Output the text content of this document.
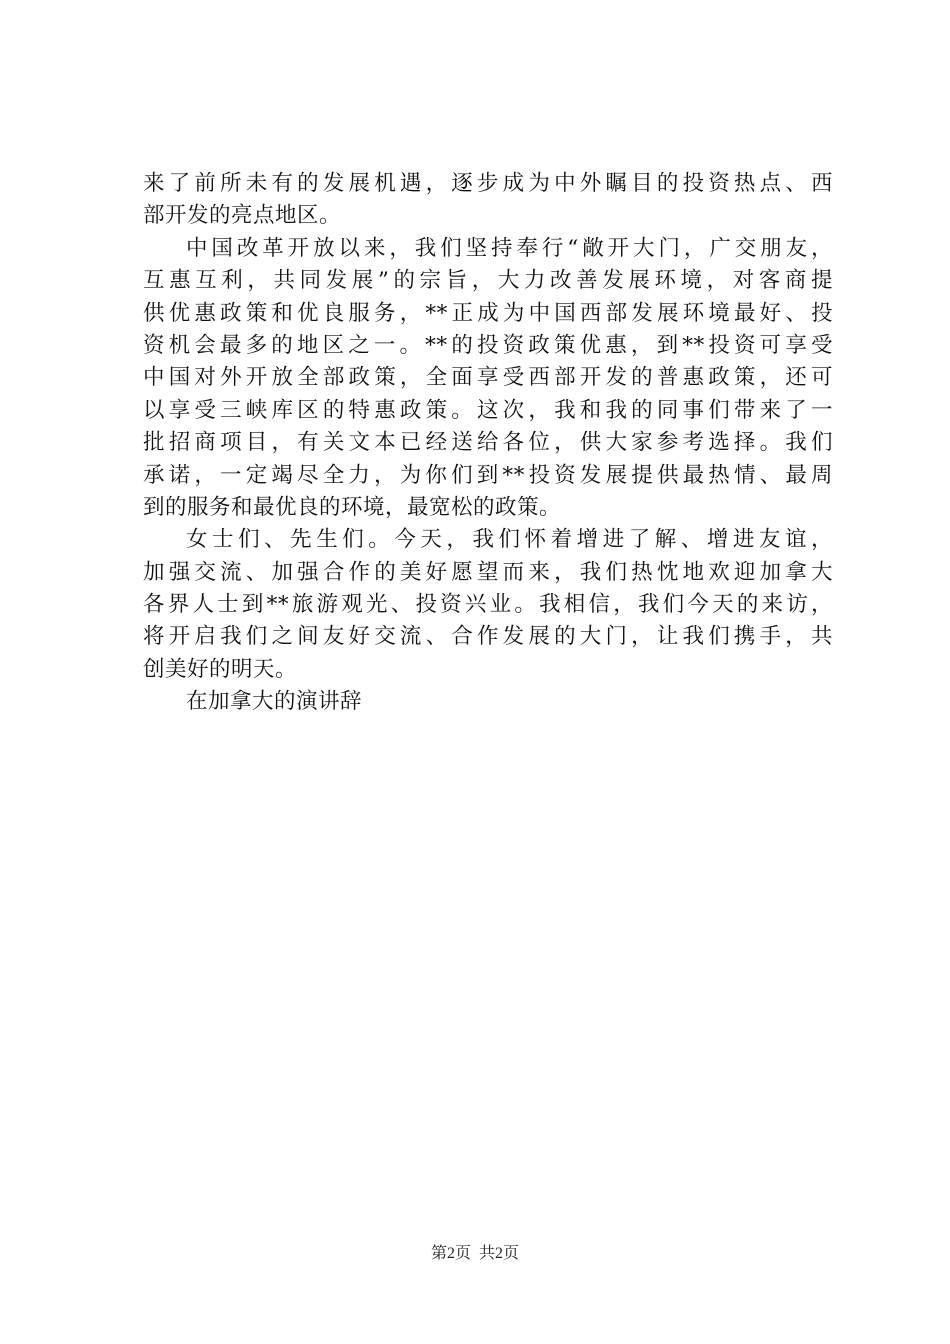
来了前所未有的发展机遇，逐步成为中外瞩目的投资热点、西
部开发的亮点地区。
中国改革开放以来，我们坚持奉行“敞开大门，广交朋友，
互惠互利，共同发展”的宗旨，大力改善发展环境，对客商提
供优惠政策和优良服务，**正成为中国西部发展环境最好、投
资机会最多的地区之一。**的投资政策优惠，到**投资可享受
中国对外开放全部政策，全面享受西部开发的普惠政策，还可
以享受三峡库区的特惠政策。这次，我和我的同事们带来了一
批招商项目，有关文本已经送给各位，供大家参考选择。我们
承诺，一定竭尽全力，为你们到**投资发展提供最热情、最周
到的服务和最优良的环境，最宽松的政策。
女士们、先生们。今天，我们怀着增进了解、增进友谊，
加强交流、加强合作的美好愿望而来，我们热忱地欢迎加拿大
各界人士到**旅游观光、投资兴业。我相信，我们今天的来访，
将开启我们之间友好交流、合作发展的大门，让我们携手，共
创美好的明天。
在加拿大的演讲辞
第2页 共2页
